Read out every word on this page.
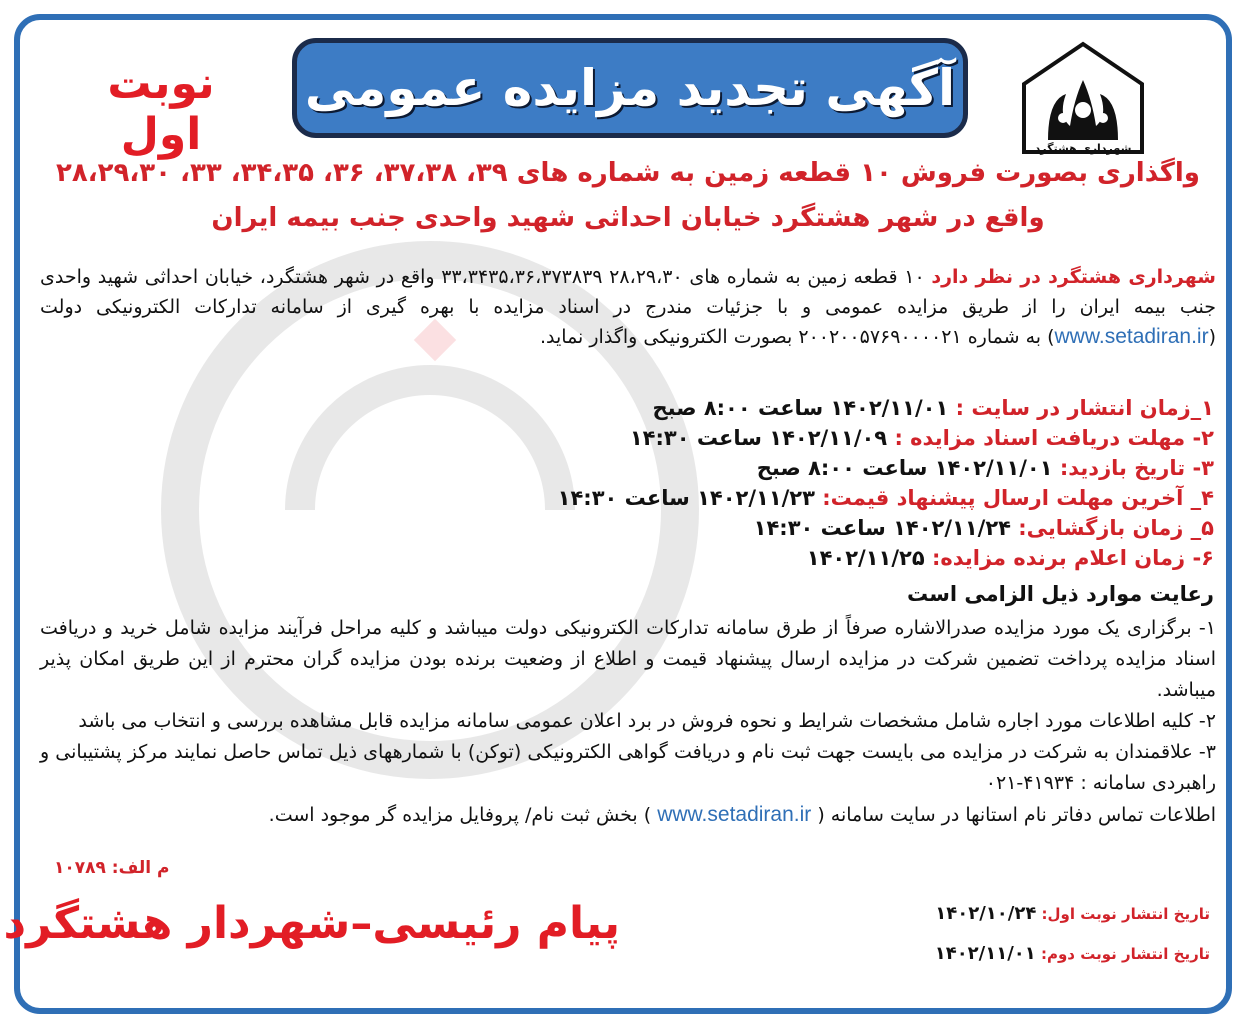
شهرداری هشتگرد
آگهی تجدید مزایده عمومی
نوبت اول
واگذاری بصورت فروش ۱۰ قطعه زمین به شماره های ۳۹، ۳۷،۳۸، ۳۶، ۳۴،۳۵، ۳۳، ۲۸،۲۹،۳۰
واقع در شهر هشتگرد خیابان احداثی شهید واحدی جنب بیمه ایران
شهرداری هشتگرد در نظر دارد ۱۰ قطعه زمین به شماره های ۲۸،۲۹،۳۰ ۳۳،۳۴۳۵،۳۶،۳۷۳۸۳۹ واقع در شهر هشتگرد، خیابان احداثی شهید واحدی جنب بیمه ایران را از طریق مزایده عمومی و با جزئیات مندرج در اسناد مزایده با بهره گیری از سامانه تدارکات الکترونیکی دولت (www.setadiran.ir) به شماره ۲۰۰۲۰۰۵۷۶۹۰۰۰۰۲۱ بصورت الکترونیکی واگذار نماید.
۱_زمان انتشار در سایت : ۱۴۰۲/۱۱/۰۱ ساعت ۸:۰۰ صبح
۲- مهلت دریافت اسناد مزایده : ۱۴۰۲/۱۱/۰۹ ساعت ۱۴:۳۰
۳- تاریخ بازدید: ۱۴۰۲/۱۱/۰۱ ساعت ۸:۰۰ صبح
۴_ آخرین مهلت ارسال پیشنهاد قیمت: ۱۴۰۲/۱۱/۲۳ ساعت ۱۴:۳۰
۵_ زمان بازگشایی: ۱۴۰۲/۱۱/۲۴ ساعت ۱۴:۳۰
۶- زمان اعلام برنده مزایده: ۱۴۰۲/۱۱/۲۵
رعایت موارد ذیل الزامی است

۱- برگزاری یک مورد مزایده صدرالاشاره صرفاً از طرق سامانه تدارکات الکترونیکی دولت میباشد و کلیه مراحل فرآیند مزایده شامل خرید و دریافت اسناد مزایده پرداخت تضمین شرکت در مزایده ارسال پیشنهاد قیمت و اطلاع از وضعیت برنده بودن مزایده گران محترم از این طریق امکان پذیر میباشد.

۲- کلیه اطلاعات مورد اجاره شامل مشخصات شرایط و نحوه فروش در برد اعلان عمومی سامانه مزایده قابل مشاهده بررسی و انتخاب می باشد

۳- علاقمندان به شرکت در مزایده می بایست جهت ثبت نام و دریافت گواهی الکترونیکی (توکن) با شمارههای ذیل تماس حاصل نمایند مرکز پشتیبانی و راهبردی سامانه : ۴۱۹۳۴-۰۲۱

اطلاعات تماس دفاتر نام استانها در سایت سامانه ( www.setadiran.ir ) بخش ثبت نام/ پروفایل مزایده گر موجود است.

م الف: ۱۰۷۸۹
پیام رئیسی–شهردار هشتگرد	تاریخ انتشار نوبت اول: ۱۴۰۲/۱۰/۲۴
تاریخ انتشار نوبت دوم: ۱۴۰۲/۱۱/۰۱
